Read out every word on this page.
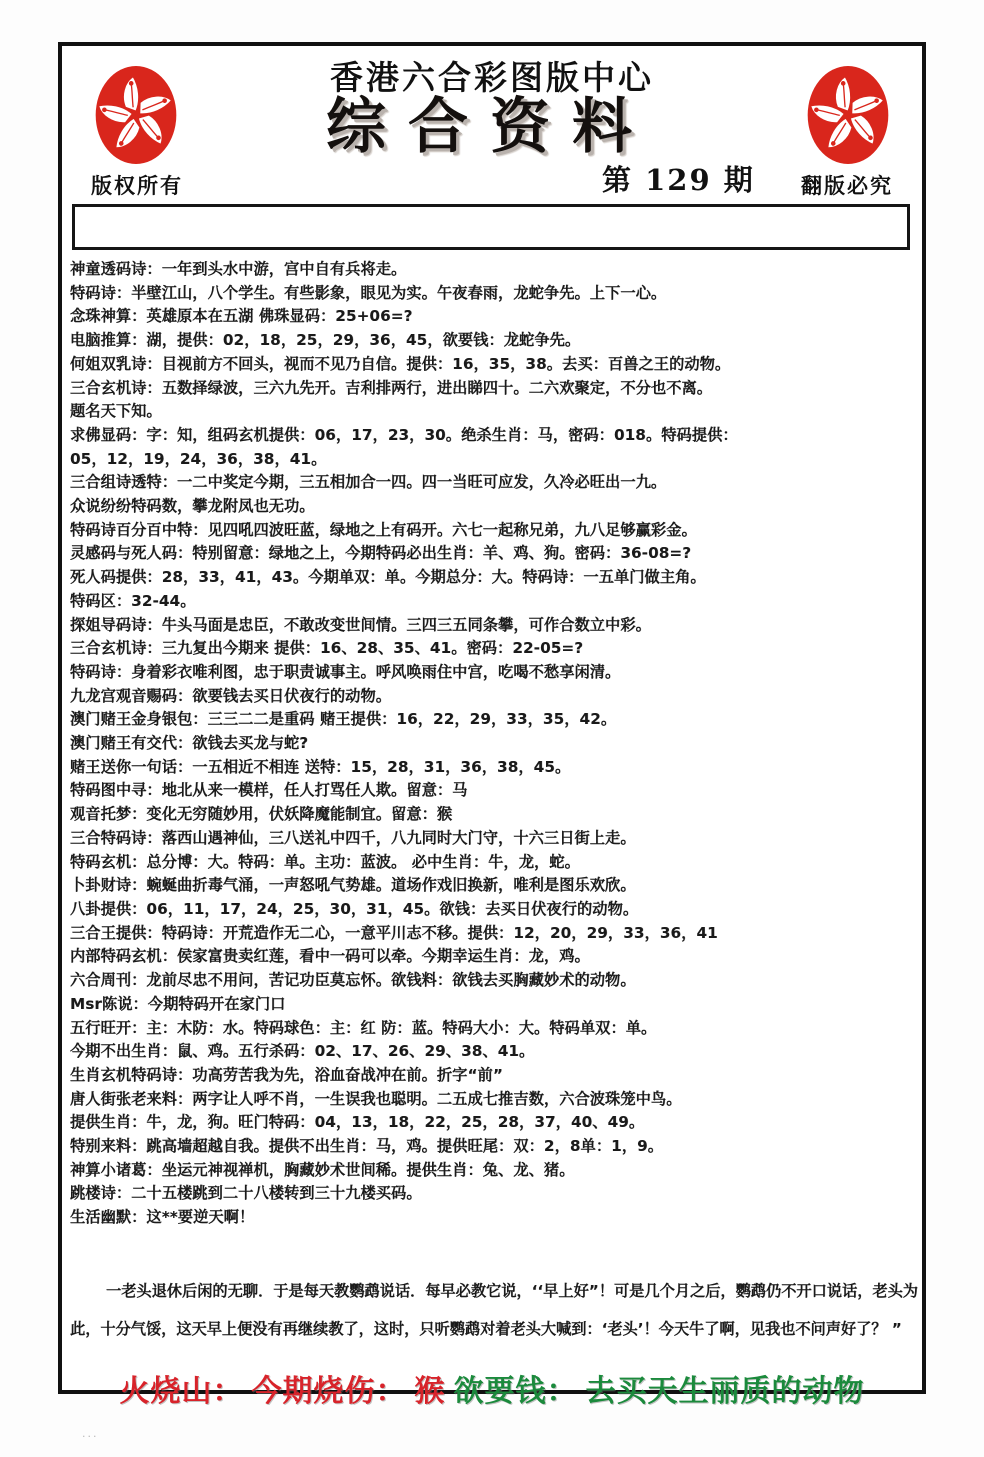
香港六合彩图版中心
综合资料
第 129 期
版权所有	翻版必究
神童透码诗：一年到头水中游，宫中自有兵将走。
特码诗：半壁江山，八个学生。有些影象，眼见为实。午夜春雨，龙蛇争先。上下一心。
念珠神算：英雄原本在五湖 佛珠显码：25+06=?
电脑推算：湖，提供：02，18，25，29，36，45，欲要钱：龙蛇争先。
何姐双乳诗：目视前方不回头，视而不见乃自信。提供：16，35，38。去买：百兽之王的动物。
三合玄机诗：五数择绿波，三六九先开。吉利排两行，进出睇四十。二六欢聚定，不分也不离。
题名天下知。
求佛显码：字：知，组码玄机提供：06，17，23，30。绝杀生肖：马，密码：018。特码提供：
05，12，19，24，36，38，41。
三合组诗透特：一二中奖定今期，三五相加合一四。四一当旺可应发，久冷必旺出一九。
众说纷纷特码数，攀龙附凤也无功。
特码诗百分百中特：见四吼四波旺蓝，绿地之上有码开。六七一起称兄弟，九八足够赢彩金。
灵感码与死人码：特别留意：绿地之上，今期特码必出生肖：羊、鸡、狗。密码：36-08=?
死人码提供：28，33，41，43。今期单双：单。今期总分：大。特码诗：一五单门做主角。
特码区：32-44。
探姐导码诗：牛头马面是忠臣，不敢改变世间情。三四三五同条攀，可作合数立中彩。
三合玄机诗：三九复出今期来 提供：16、28、35、41。密码：22-05=?
特码诗：身着彩衣唯利图，忠于职责诚事主。呼风唤雨住中宫，吃喝不愁享闲清。
九龙宫观音赐码：欲要钱去买日伏夜行的动物。
澳门赌王金身银包：三三二二是重码 赌王提供：16，22，29，33，35，42。
澳门赌王有交代：欲钱去买龙与蛇?
赌王送你一句话：一五相近不相连 送特：15，28，31，36，38，45。
特码图中寻：地北从来一模样，任人打骂任人欺。留意：马
观音托梦：变化无穷随妙用，伏妖降魔能制宜。留意：猴
三合特码诗：落西山遇神仙，三八送礼中四千，八九同时大门守，十六三日街上走。
特码玄机：总分博：大。特码：单。主功：蓝波。 必中生肖：牛，龙，蛇。
卜卦财诗：蜿蜒曲折毒气涌，一声怒吼气势雄。道场作戏旧换新，唯利是图乐欢欣。
八卦提供：06，11，17，24，25，30，31，45。欲钱：去买日伏夜行的动物。
三合王提供：特码诗：开荒造作无二心，一意平川志不移。提供：12，20，29，33，36，41
内部特码玄机：侯家富贵卖红莲，看中一码可以牵。今期幸运生肖：龙，鸡。
六合周刊：龙前尽忠不用问，苦记功臣莫忘怀。欲钱料：欲钱去买胸藏妙术的动物。
Msr陈说：今期特码开在家门口
五行旺开：主：木防：水。特码球色：主：红 防：蓝。特码大小：大。特码单双：单。
今期不出生肖：鼠、鸡。五行杀码：02、17、26、29、38、41。
生肖玄机特码诗：功高劳苦我为先，浴血奋战冲在前。折字“前”
唐人街张老来料：两字让人呼不肖，一生误我也聪明。二五成七推吉数，六合波珠笼中鸟。
提供生肖：牛，龙，狗。旺门特码：04，13，18，22，25，28，37，40、49。
特别来料：跳高墙超越自我。提供不出生肖：马，鸡。提供旺尾：双：2，8单：1，9。
神算小诸葛：坐运元神视禅机，胸藏妙术世间稀。提供生肖：兔、龙、猪。
跳楼诗：二十五楼跳到二十八楼转到三十九楼买码。
生活幽默：这**要逆天啊！
一老头退休后闲的无聊．于是每天教鹦鹉说话．每早必教它说，‘‘早上好”！可是几个月之后，鹦鹉仍不开口说话，老头为此，十分气馁，这天早上便没有再继续教了，这时，只听鹦鹉对着老头大喊到：‘老头’！今天牛了啊，见我也不问声好了？ ”
火烧山： 今期烧伤： 猴 欲要钱： 去买天生丽质的动物
···
